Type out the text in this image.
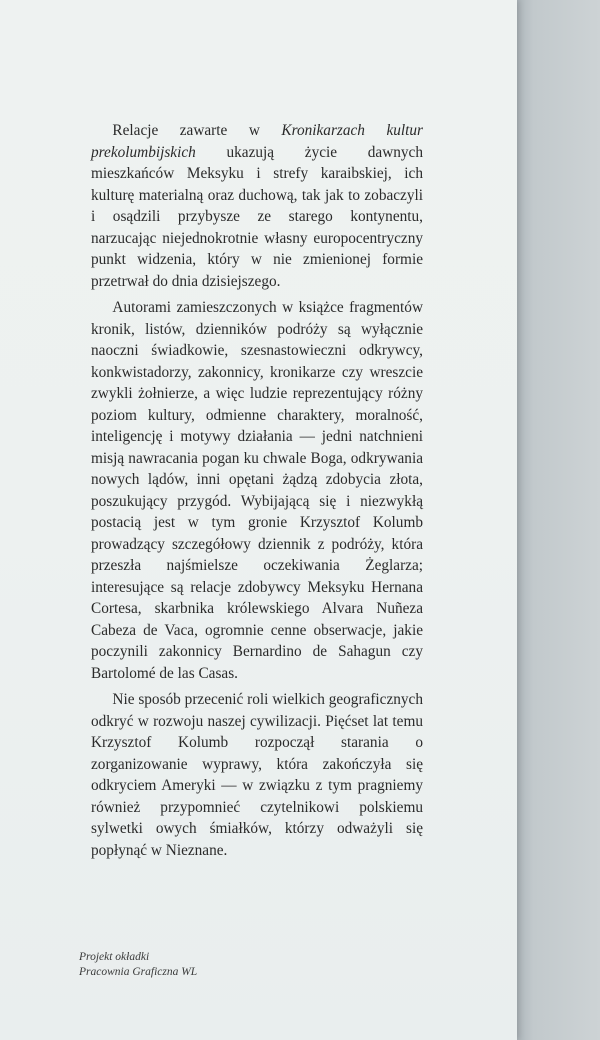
Relacje zawarte w Kronikarzach kultur prekolumbijskich ukazują życie dawnych mieszkańców Meksyku i strefy karaibskiej, ich kulturę materialną oraz duchową, tak jak to zobaczyli i osądzili przybysze ze starego kontynentu, narzucając niejednokrotnie własny europocentryczny punkt widzenia, który w nie zmienionej formie przetrwał do dnia dzisiejszego.

Autorami zamieszczonych w książce fragmentów kronik, listów, dzienników podróży są wyłącznie naoczni świadkowie, szesnastowieczni odkrywcy, konkwistadorzy, zakonnicy, kronikarze czy wreszcie zwykli żołnierze, a więc ludzie reprezentujący różny poziom kultury, odmienne charaktery, moralność, inteligencję i motywy działania — jedni natchnieni misją nawracania pogan ku chwale Boga, odkrywania nowych lądów, inni opętani żądzą zdobycia złota, poszukujący przygód. Wybijającą się i niezwykłą postacią jest w tym gronie Krzysztof Kolumb prowadzący szczegółowy dziennik z podróży, która przeszła najśmielsze oczekiwania Żeglarza; interesujące są relacje zdobywcy Meksyku Hernana Cortesa, skarbnika królewskiego Alvara Nuñeza Cabeza de Vaca, ogromnie cenne obserwacje, jakie poczynili zakonnicy Bernardino de Sahagun czy Bartolomé de las Casas.

Nie sposób przecenić roli wielkich geograficznych odkryć w rozwoju naszej cywilizacji. Pięćset lat temu Krzysztof Kolumb rozpoczął starania o zorganizowanie wyprawy, która zakończyła się odkryciem Ameryki — w związku z tym pragniemy również przypomnieć czytelnikowi polskiemu sylwetki owych śmiałków, którzy odważyli się popłynąć w Nieznane.

Projekt okładki
Pracownia Graficzna WL
